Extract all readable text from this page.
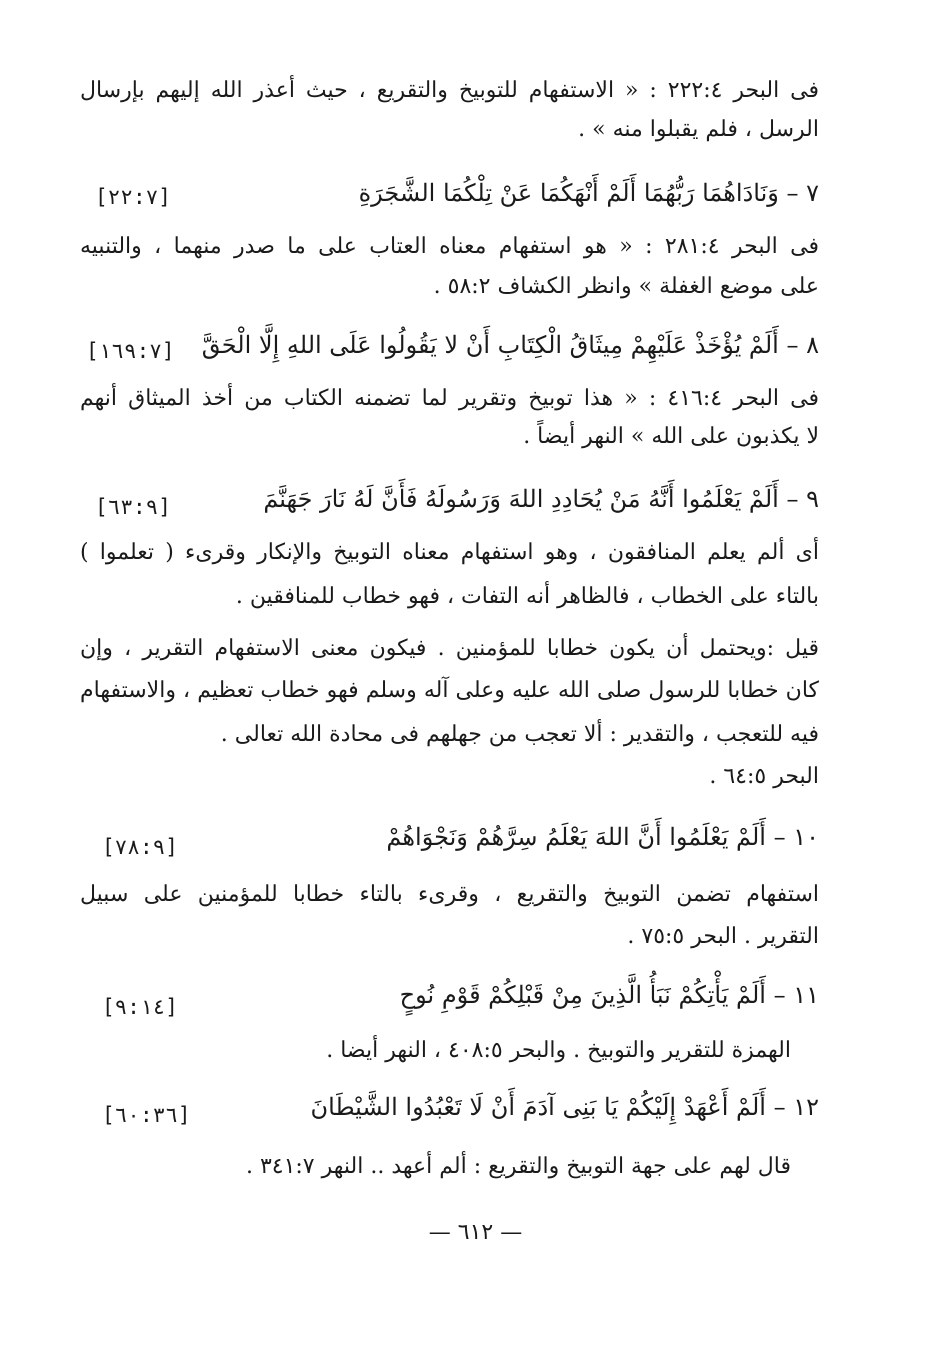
فى البحر ٢٢٢:٤ : « الاستفهام للتوبيخ والتقريع ، حيث أعذر الله إليهم بإرسال
الرسل ، فلم يقبلوا منه » .
٧ – وَنَادَاهُمَا رَبُّهُمَا أَلَمْ أَنْهَكُمَا عَنْ تِلْكُمَا الشَّجَرَةِ
[٢٢:٧]
فى البحر ٢٨١:٤ : « هو استفهام معناه العتاب على ما صدر منهما ، والتنبيه
على موضع الغفلة » وانظر الكشاف ٥٨:٢ .
٨ – أَلَمْ يُؤْخَذْ عَلَيْهِمْ مِيثَاقُ الْكِتَابِ أَنْ لا يَقُولُوا عَلَى اللهِ إِلَّا الْحَقَّ
[١٦٩:٧]
فى البحر ٤١٦:٤ : « هذا توبيخ وتقرير لما تضمنه الكتاب من أخذ الميثاق أنهم
لا يكذبون على الله » النهر أيضاً .
٩ – أَلَمْ يَعْلَمُوا أَنَّهُ مَنْ يُحَادِدِ اللهَ وَرَسُولَهُ فَأَنَّ لَهُ نَارَ جَهَنَّمَ
[٦٣:٩]
أى ألم يعلم المنافقون ، وهو استفهام معناه التوبيخ والإنكار وقرىء ( تعلموا )
بالتاء على الخطاب ، فالظاهر أنه التفات ، فهو خطاب للمنافقين .
قيل :ويحتمل أن يكون خطابا للمؤمنين . فيكون معنى الاستفهام التقرير ، وإن
كان خطابا للرسول صلى الله عليه وعلى آله وسلم فهو خطاب تعظيم ، والاستفهام
فيه للتعجب ، والتقدير : ألا تعجب من جهلهم فى محادة الله تعالى .
البحر ٦٤:٥ .
١٠ – أَلَمْ يَعْلَمُوا أَنَّ اللهَ يَعْلَمُ سِرَّهُمْ وَنَجْوَاهُمْ
[٧٨:٩]
استفهام تضمن التوبيخ والتقريع ، وقرىء بالتاء خطابا للمؤمنين على سبيل
التقرير . البحر ٧٥:٥ .
١١ – أَلَمْ يَأْتِكُمْ نَبَأُ الَّذِينَ مِنْ قَبْلِكُمْ قَوْمِ نُوحٍ
[٩:١٤]
الهمزة للتقرير والتوبيخ . والبحر ٤٠٨:٥ ، النهر أيضا .
١٢ – أَلَمْ أَعْهَدْ إِلَيْكُمْ يَا بَنِى آدَمَ أَنْ لَا تَعْبُدُوا الشَّيْطَانَ
[٦٠:٣٦]
قال لهم على جهة التوبيخ والتقريع : ألم أعهد .. النهر ٣٤١:٧ .
— ٦١٢ —
